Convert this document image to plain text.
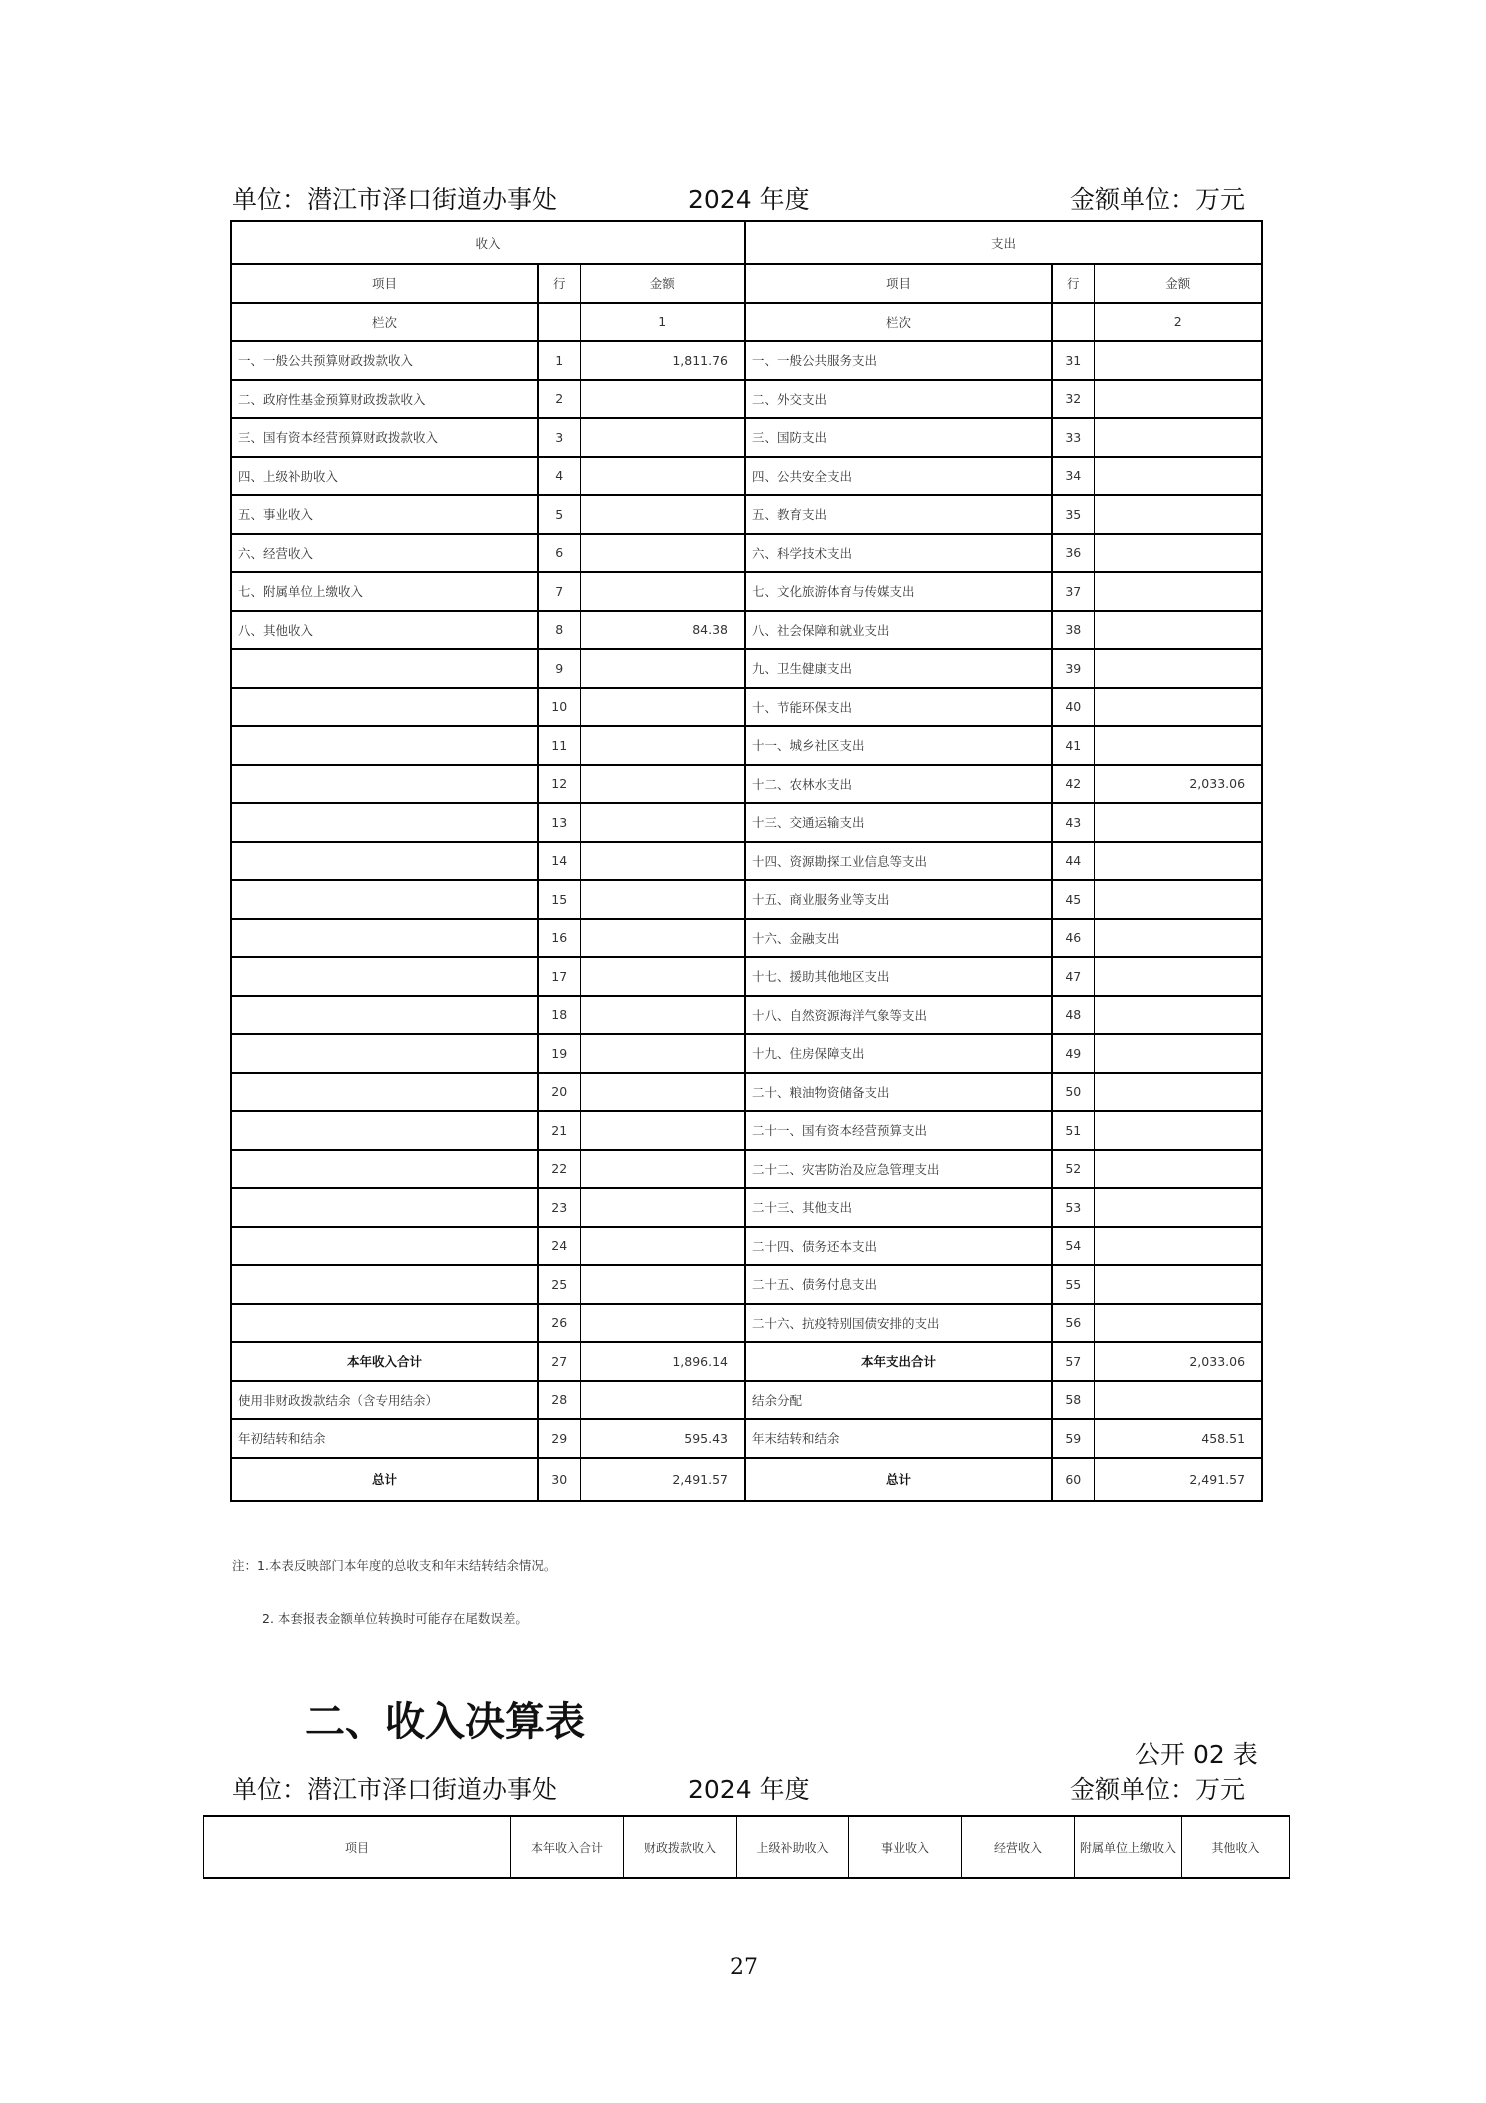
单位：潜江市泽口街道办事处	2024 年度	金额单位：万元
收入			支出		
项目	行	金额	项目	行	金额
栏次		1	栏次		2
一、一般公共预算财政拨款收入	1	1,811.76	一、一般公共服务支出	31	
二、政府性基金预算财政拨款收入	2		二、外交支出	32	
三、国有资本经营预算财政拨款收入	3		三、国防支出	33	
四、上级补助收入	4		四、公共安全支出	34	
五、事业收入	5		五、教育支出	35	
六、经营收入	6		六、科学技术支出	36	
七、附属单位上缴收入	7		七、文化旅游体育与传媒支出	37	
八、其他收入	8	84.38	八、社会保障和就业支出	38	
	9		九、卫生健康支出	39	
	10		十、节能环保支出	40	
	11		十一、城乡社区支出	41	
	12		十二、农林水支出	42	2,033.06
	13		十三、交通运输支出	43	
	14		十四、资源勘探工业信息等支出	44	
	15		十五、商业服务业等支出	45	
	16		十六、金融支出	46	
	17		十七、援助其他地区支出	47	
	18		十八、自然资源海洋气象等支出	48	
	19		十九、住房保障支出	49	
	20		二十、粮油物资储备支出	50	
	21		二十一、国有资本经营预算支出	51	
	22		二十二、灾害防治及应急管理支出	52	
	23		二十三、其他支出	53	
	24		二十四、债务还本支出	54	
	25		二十五、债务付息支出	55	
	26		二十六、抗疫特别国债安排的支出	56	
本年收入合计	27	1,896.14	本年支出合计	57	2,033.06
使用非财政拨款结余（含专用结余）	28		结余分配	58	
年初结转和结余	29	595.43	年末结转和结余	59	458.51
总计	30	2,491.57	总计	60	2,491.57
注：1.本表反映部门本年度的总收支和年末结转结余情况。
2. 本套报表金额单位转换时可能存在尾数误差。
二、收入决算表
公开 02 表
单位：潜江市泽口街道办事处	2024 年度	金额单位：万元
项目	本年收入合计	财政拨款收入	上级补助收入	事业收入	经营收入	附属单位上缴收入	其他收入
27
